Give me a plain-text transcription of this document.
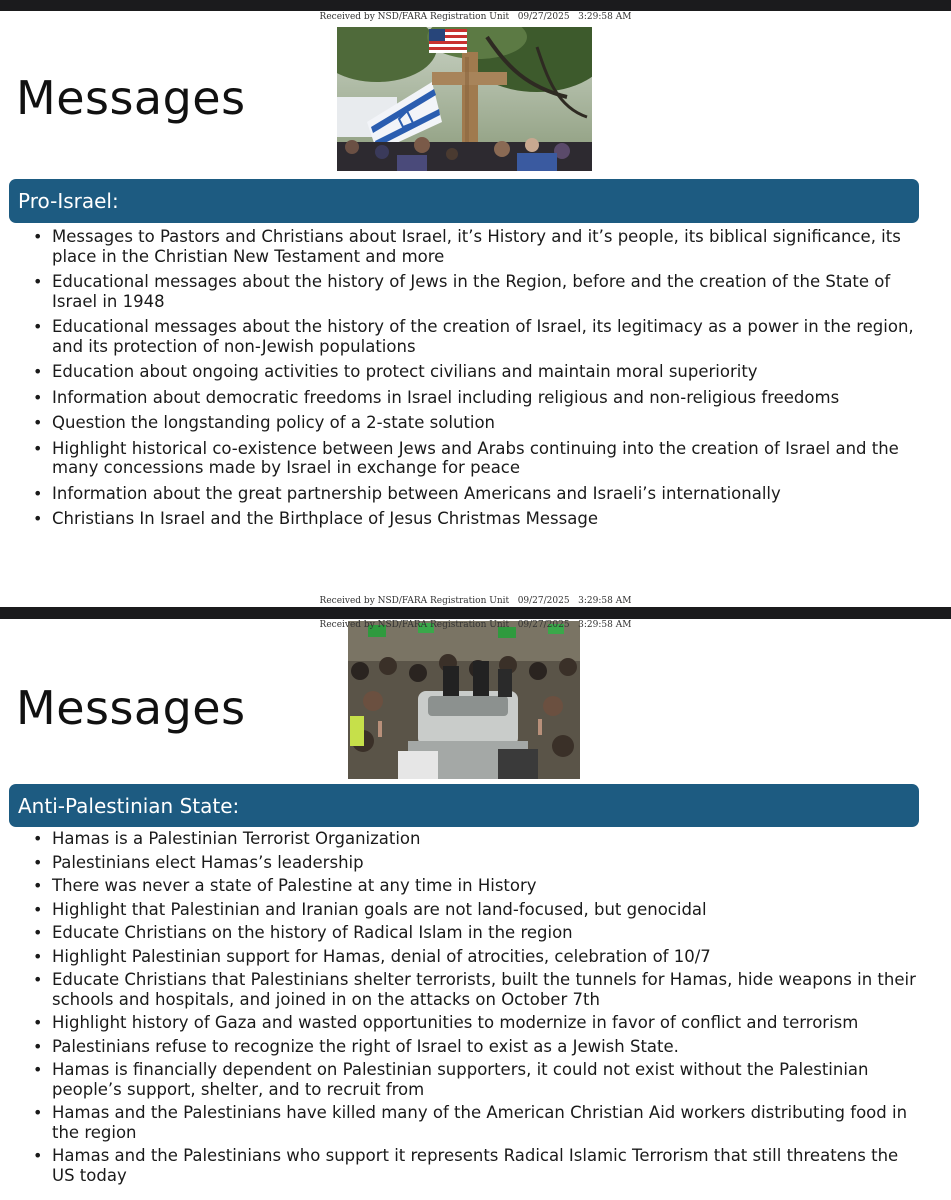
Received by NSD/FARA Registration Unit   09/27/2025   3:29:58 AM
Messages
Pro-Israel:
• Messages to Pastors and Christians about Israel, it’s History and it’s people, its biblical significance, its place in the Christian New Testament and more
• Educational messages about the history of Jews in the Region, before and the creation of the State of Israel in 1948
• Educational messages about the history of the creation of Israel, its legitimacy as a power in the region, and its protection of non-Jewish populations
• Education about ongoing activities to protect civilians and maintain moral superiority
• Information about democratic freedoms in Israel including religious and non-religious freedoms
• Question the longstanding policy of a 2-state solution
• Highlight historical co-existence between Jews and Arabs continuing into the creation of Israel and the many concessions made by Israel in exchange for peace
• Information about the great partnership between Americans and Israeli’s internationally
• Christians In Israel and the Birthplace of Jesus Christmas Message
Received by NSD/FARA Registration Unit   09/27/2025   3:29:58 AM
Received by NSD/FARA Registration Unit   09/27/2025   3:29:58 AM
Messages
Anti-Palestinian State:
• Hamas is a Palestinian Terrorist Organization
• Palestinians elect Hamas’s leadership
• There was never a state of Palestine at any time in History
• Highlight that Palestinian and Iranian goals are not land-focused, but genocidal
• Educate Christians on the history of Radical Islam in the region
• Highlight Palestinian support for Hamas, denial of atrocities, celebration of 10/7
• Educate Christians that Palestinians shelter terrorists, built the tunnels for Hamas, hide weapons in their schools and hospitals, and joined in on the attacks on October 7th
• Highlight history of Gaza and wasted opportunities to modernize in favor of conflict and terrorism
• Palestinians refuse to recognize the right of Israel to exist as a Jewish State.
• Hamas is financially dependent on Palestinian supporters, it could not exist without the Palestinian people’s support, shelter, and to recruit from
• Hamas and the Palestinians have killed many of the American Christian Aid workers distributing food in the region
• Hamas and the Palestinians who support it represents Radical Islamic Terrorism that still threatens the US today
